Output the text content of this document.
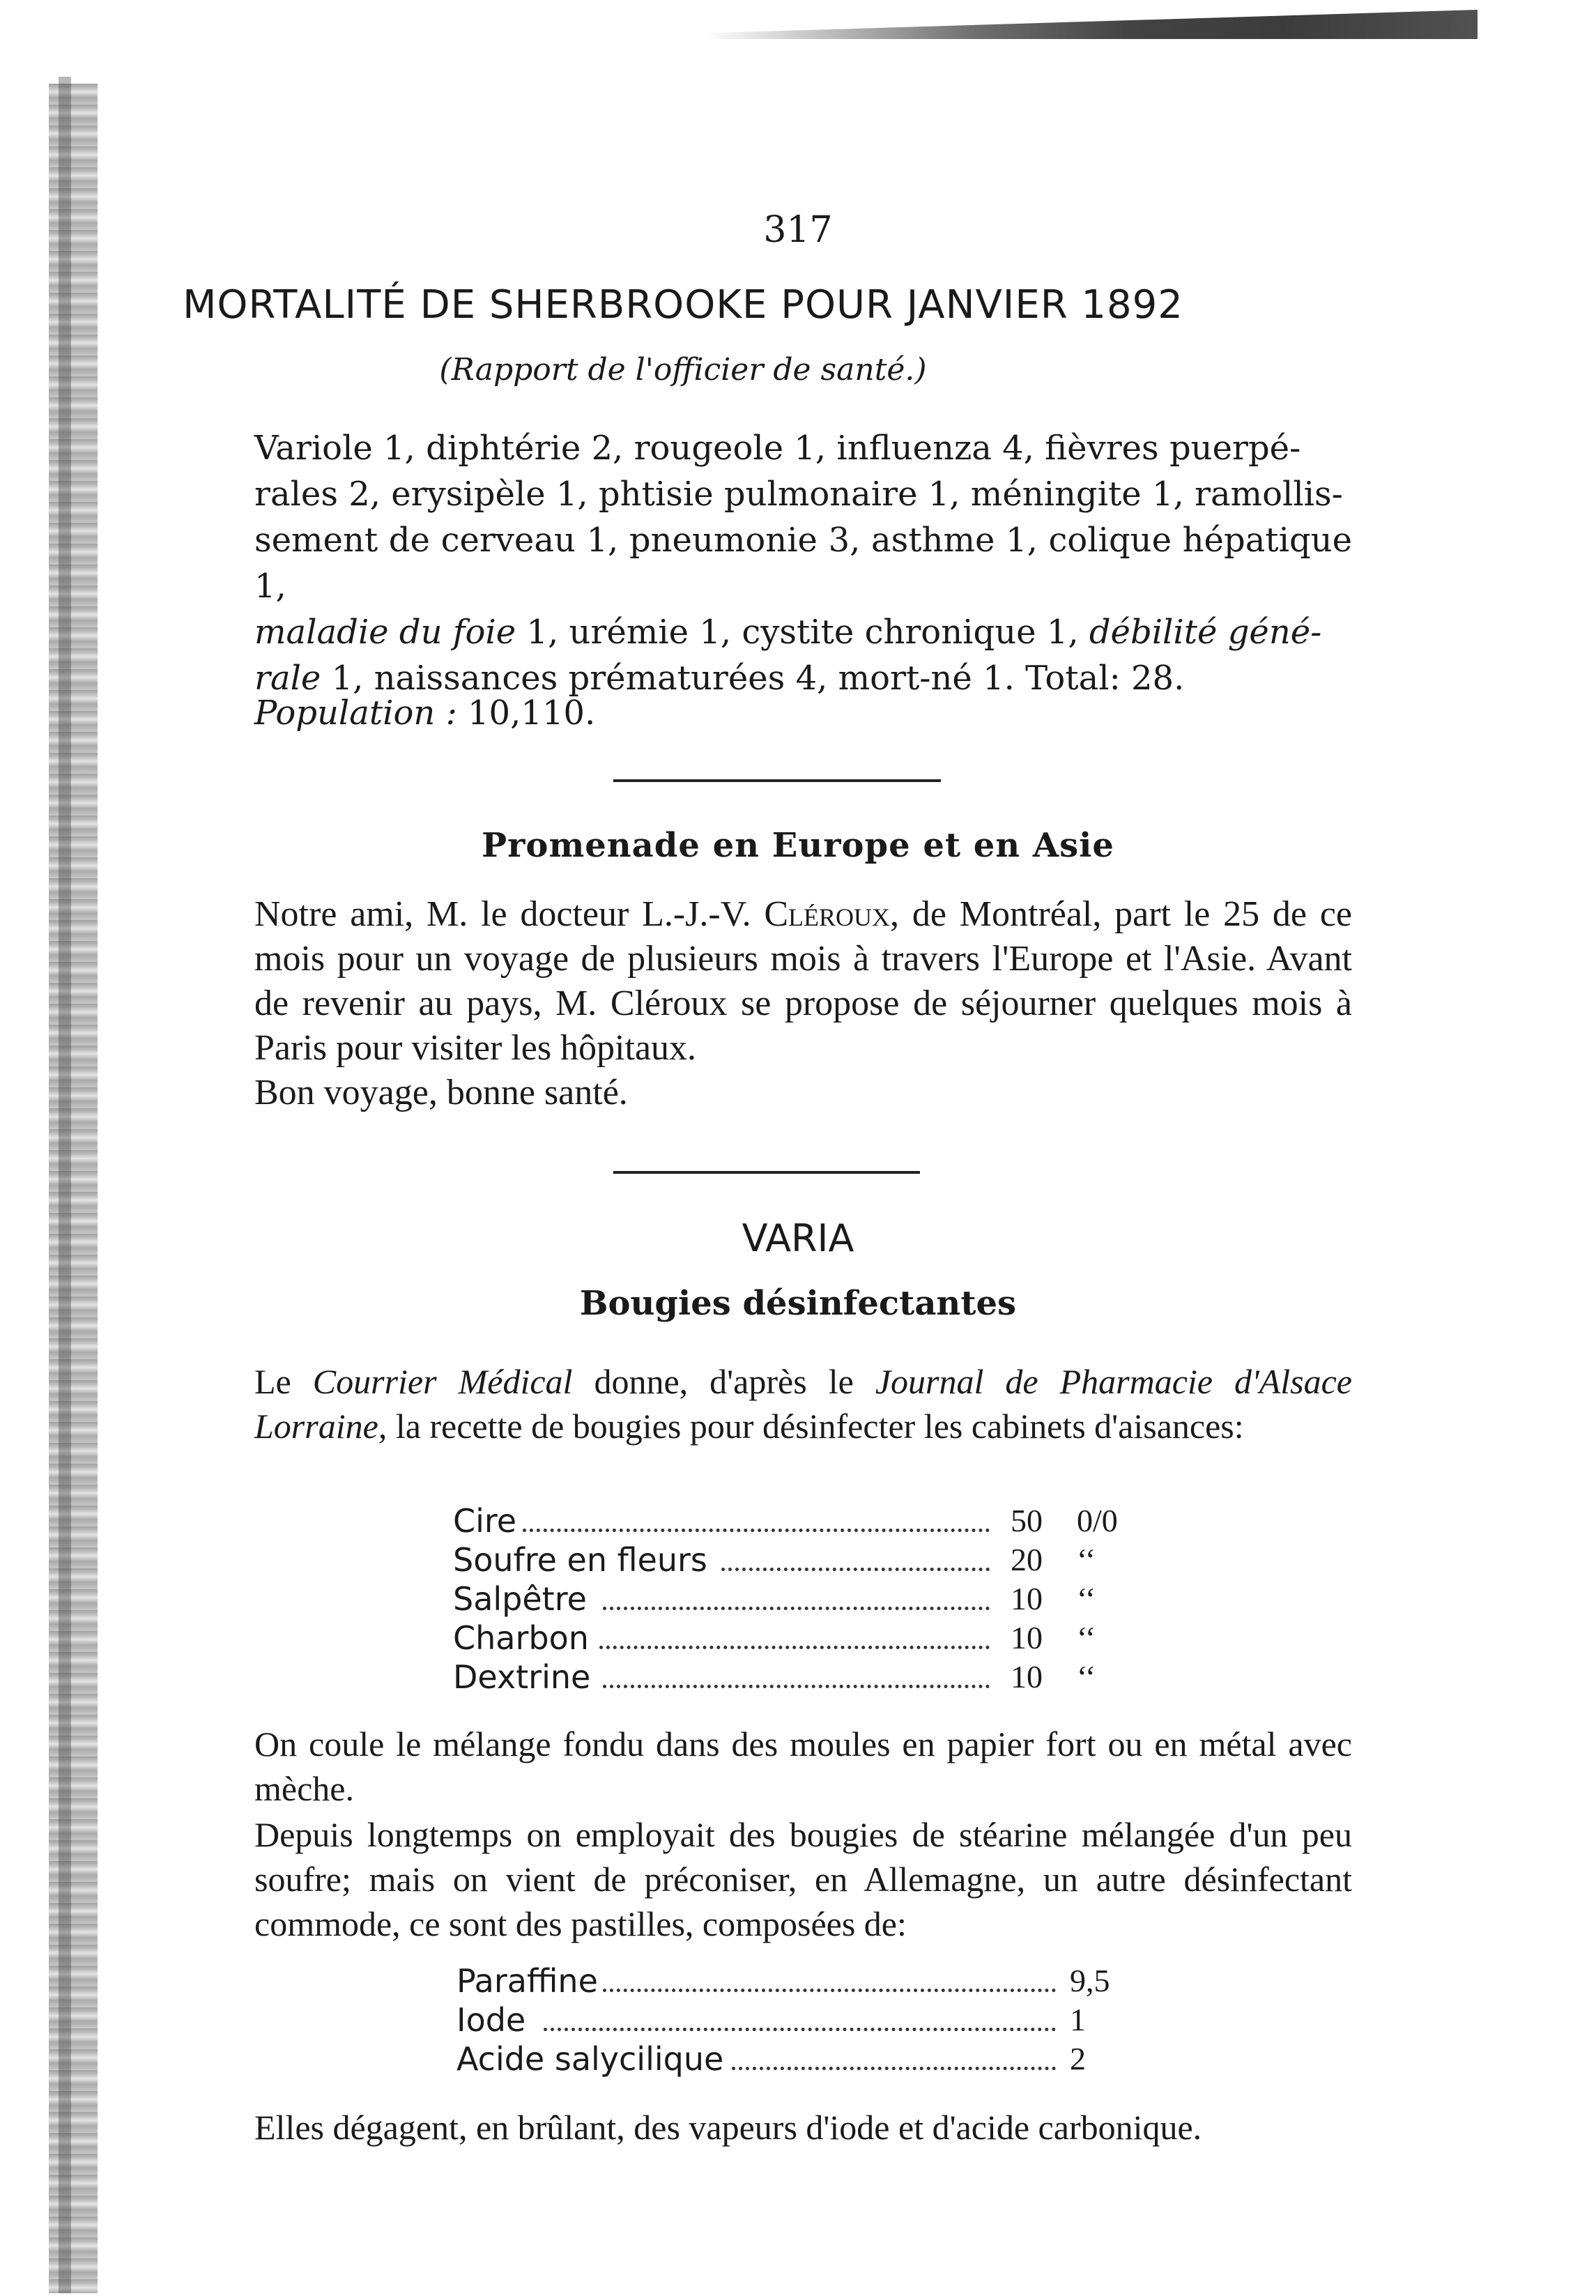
317

MORTALITÉ DE SHERBROOKE POUR JANVIER 1892

(Rapport de l'officier de santé.)

Variole 1, diphtérie 2, rougeole 1, influenza 4, fièvres puerpé-
rales 2, erysipèle 1, phtisie pulmonaire 1, méningite 1, ramollis-
sement de cerveau 1, pneumonie 3, asthme 1, colique hépatique 1,
maladie du foie 1, urémie 1, cystite chronique 1, débilité géné-
rale 1, naissances prématurées 4, mort-né 1. Total: 28.

Population : 10,110.

Promenade en Europe et en Asie

Notre ami, M. le docteur L.-J.-V. Cléroux, de Montréal, part le 25 de ce mois pour un voyage de plusieurs mois à travers l'Europe et l'Asie. Avant de revenir au pays, M. Cléroux se propose de séjourner quelques mois à Paris pour visiter les hôpitaux.
Bon voyage, bonne santé.

VARIA

Bougies désinfectantes

Le Courrier Médical donne, d'après le Journal de Pharmacie d'Alsace Lorraine, la recette de bougies pour désinfecter les cabinets d'aisances:
Cire	50 0/0
Soufre en fleurs	20 ‘‘
Salpêtre	10 ‘‘
Charbon	10 ‘‘
Dextrine	10 ‘‘
On coule le mélange fondu dans des moules en papier fort ou en métal avec mèche.
Depuis longtemps on employait des bougies de stéarine mélangée d'un peu soufre; mais on vient de préconiser, en Allemagne, un autre désinfectant commode, ce sont des pastilles, composées de:
Paraffine	9,5
Iode	1
Acide salycilique	2
Elles dégagent, en brûlant, des vapeurs d'iode et d'acide carbonique.
